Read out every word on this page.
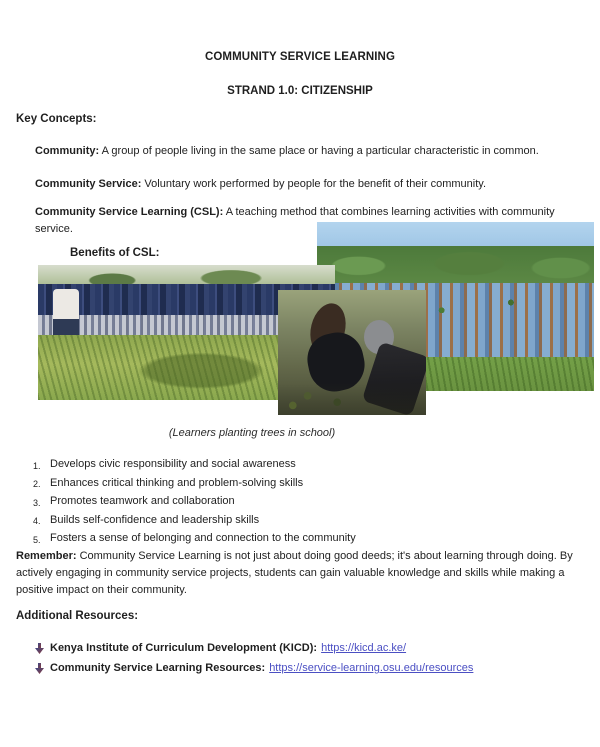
COMMUNITY SERVICE LEARNING
STRAND 1.0: CITIZENSHIP
Key Concepts:
Community: A group of people living in the same place or having a particular characteristic in common.
Community Service: Voluntary work performed by people for the benefit of their community.
Community Service Learning (CSL): A teaching method that combines learning activities with community service.
Benefits of CSL:
(Learners planting trees in school)
1. Develops civic responsibility and social awareness
2. Enhances critical thinking and problem-solving skills
3. Promotes teamwork and collaboration
4. Builds self-confidence and leadership skills
5. Fosters a sense of belonging and connection to the community
Remember: Community Service Learning is not just about doing good deeds; it's about learning through doing. By actively engaging in community service projects, students can gain valuable knowledge and skills while making a positive impact on their community.
Additional Resources:
Kenya Institute of Curriculum Development (KICD): https://kicd.ac.ke/
Community Service Learning Resources: https://service-learning.osu.edu/resources
